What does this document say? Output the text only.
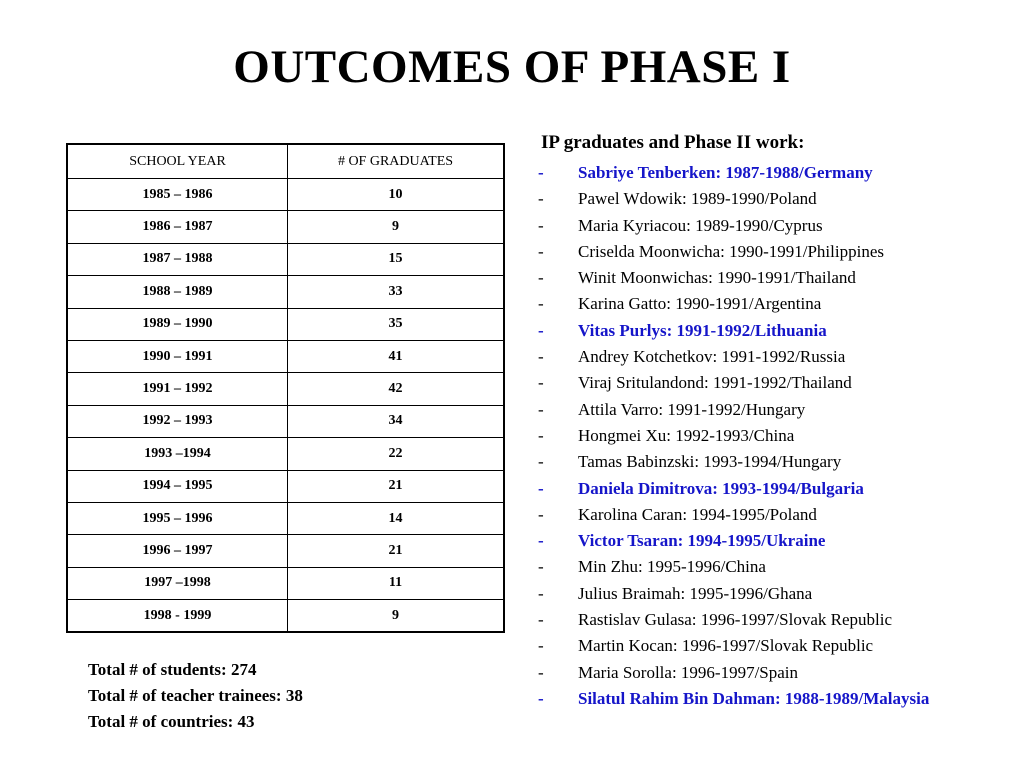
OUTCOMES OF PHASE I
SCHOOL YEAR	# OF GRADUATES
1985 – 1986	10
1986 – 1987	9
1987 – 1988	15
1988 – 1989	33
1989 – 1990	35
1990 – 1991	41
1991 – 1992	42
1992 – 1993	34
1993 –1994	22
1994 – 1995	21
1995 – 1996	14
1996 – 1997	21
1997 –1998	11
1998 - 1999	9
Total # of students: 274
Total # of teacher trainees: 38
Total # of countries: 43
IP graduates and Phase II work:
- Sabriye Tenberken: 1987-1988/Germany
- Pawel Wdowik: 1989-1990/Poland
- Maria Kyriacou: 1989-1990/Cyprus
- Criselda Moonwicha: 1990-1991/Philippines
- Winit Moonwichas: 1990-1991/Thailand
- Karina Gatto: 1990-1991/Argentina
- Vitas Purlys: 1991-1992/Lithuania
- Andrey Kotchetkov: 1991-1992/Russia
- Viraj Sritulandond: 1991-1992/Thailand
- Attila Varro: 1991-1992/Hungary
- Hongmei Xu: 1992-1993/China
- Tamas Babinzski: 1993-1994/Hungary
- Daniela Dimitrova: 1993-1994/Bulgaria
- Karolina Caran: 1994-1995/Poland
- Victor Tsaran: 1994-1995/Ukraine
- Min Zhu: 1995-1996/China
- Julius Braimah: 1995-1996/Ghana
- Rastislav Gulasa: 1996-1997/Slovak Republic
- Martin Kocan: 1996-1997/Slovak Republic
- Maria Sorolla: 1996-1997/Spain
- Silatul Rahim Bin Dahman: 1988-1989/Malaysia
